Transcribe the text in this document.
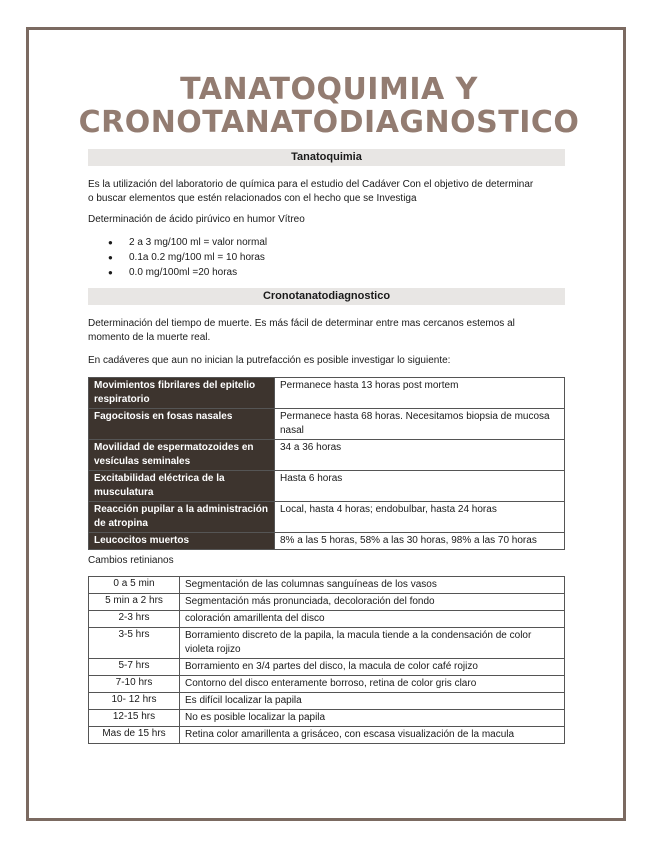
TANATOQUIMIA Y
CRONOTANATODIAGNOSTICO
Tanatoquimia
Es la utilización del laboratorio de química para el estudio del Cadáver Con el objetivo de determinar
o buscar elementos que estén relacionados con el hecho que se Investiga
Determinación de ácido pirúvico en humor Vítreo
● 2 a 3 mg/100 ml = valor normal
● 0.1a 0.2 mg/100 ml = 10 horas
● 0.0 mg/100ml =20 horas
Cronotanatodiagnostico
Determinación del tiempo de muerte. Es más fácil de determinar entre mas cercanos estemos al
momento de la muerte real.
En cadáveres que aun no inician la putrefacción es posible investigar lo siguiente:
Movimientos fibrilares del epitelio respiratorio	Permanece hasta 13 horas post mortem
Fagocitosis en fosas nasales	Permanece hasta 68 horas. Necesitamos biopsia de mucosa nasal
Movilidad de espermatozoides en vesículas seminales	34 a 36 horas
Excitabilidad eléctrica de la musculatura	Hasta 6 horas
Reacción pupilar a la administración de atropina	Local, hasta 4 horas; endobulbar, hasta 24 horas
Leucocitos muertos	8% a las 5 horas, 58% a las 30 horas, 98% a las 70 horas
Cambios retinianos
0 a 5 min	Segmentación de las columnas sanguíneas de los vasos
5 min a 2 hrs	Segmentación más pronunciada, decoloración del fondo
2-3 hrs	coloración amarillenta del disco
3-5 hrs	Borramiento discreto de la papila, la macula tiende a la condensación de color violeta rojizo
5-7 hrs	Borramiento en 3/4 partes del disco, la macula de color café rojizo
7-10 hrs	Contorno del disco enteramente borroso, retina de color gris claro
10- 12 hrs	Es difícil localizar la papila
12-15 hrs	No es posible localizar la papila
Mas de 15 hrs	Retina color amarillenta a grisáceo, con escasa visualización de la macula
